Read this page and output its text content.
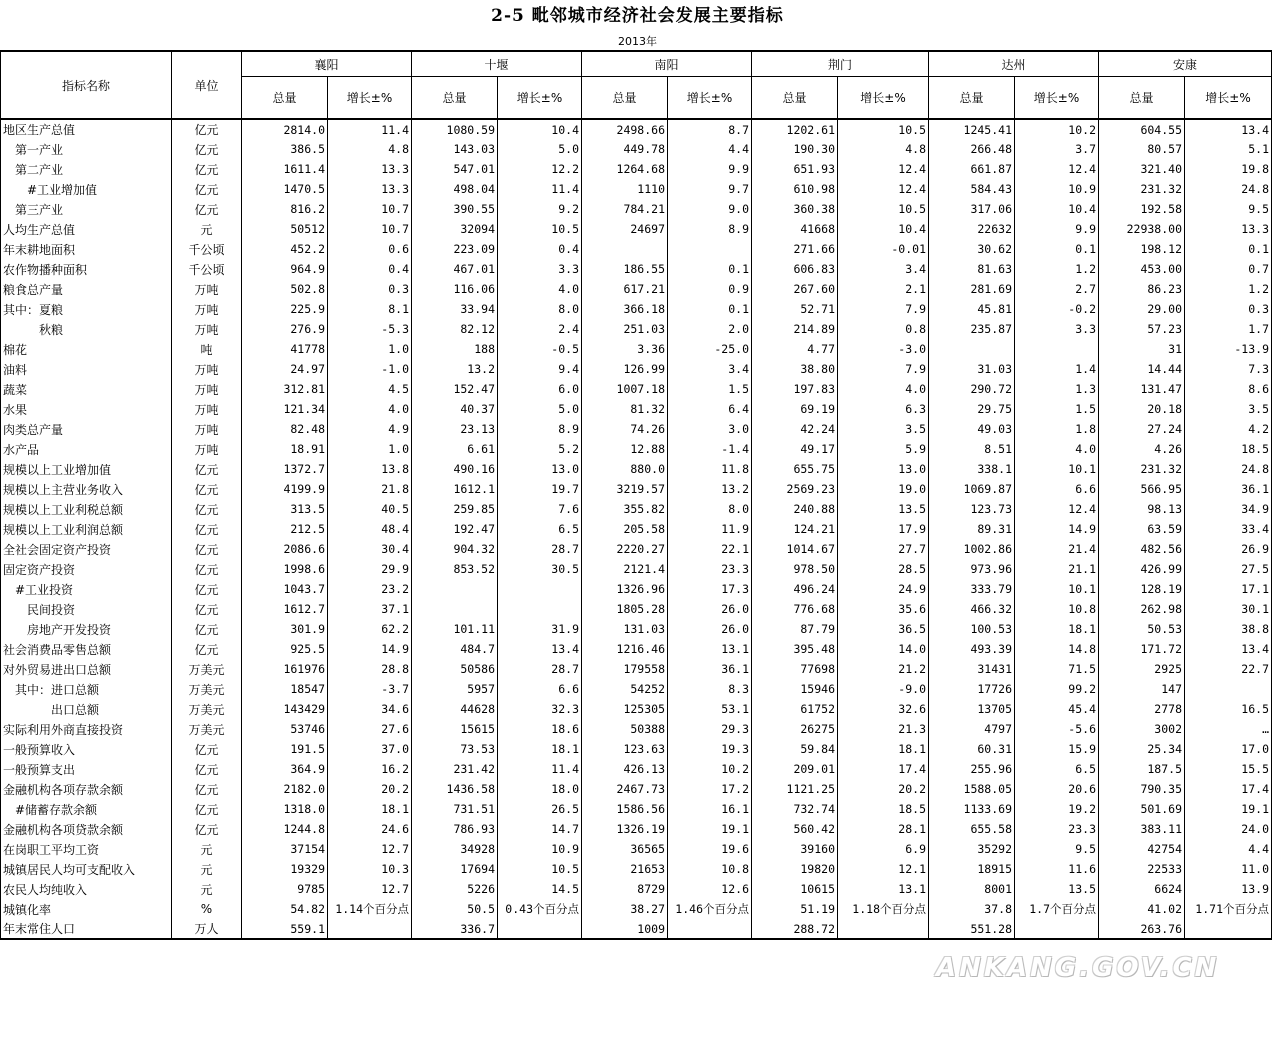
2-5 毗邻城市经济社会发展主要指标
2013年
指标名称	单位	襄阳		十堰		南阳		荆门		达州		安康	
		总量	增长±%	总量	增长±%	总量	增长±%	总量	增长±%	总量	增长±%	总量	增长±%
地区生产总值	亿元	2814.0	11.4	1080.59	10.4	2498.66	8.7	1202.61	10.5	1245.41	10.2	604.55	13.4
　第一产业	亿元	386.5	4.8	143.03	5.0	449.78	4.4	190.30	4.8	266.48	3.7	80.57	5.1
　第二产业	亿元	1611.4	13.3	547.01	12.2	1264.68	9.9	651.93	12.4	661.87	12.4	321.40	19.8
　　#工业增加值	亿元	1470.5	13.3	498.04	11.4	1110	9.7	610.98	12.4	584.43	10.9	231.32	24.8
　第三产业	亿元	816.2	10.7	390.55	9.2	784.21	9.0	360.38	10.5	317.06	10.4	192.58	9.5
人均生产总值	元	50512	10.7	32094	10.5	24697	8.9	41668	10.4	22632	9.9	22938.00	13.3
年末耕地面积	千公顷	452.2	0.6	223.09	0.4			271.66	-0.01	30.62	0.1	198.12	0.1
农作物播种面积	千公顷	964.9	0.4	467.01	3.3	186.55	0.1	606.83	3.4	81.63	1.2	453.00	0.7
粮食总产量	万吨	502.8	0.3	116.06	4.0	617.21	0.9	267.60	2.1	281.69	2.7	86.23	1.2
其中：夏粮	万吨	225.9	8.1	33.94	8.0	366.18	0.1	52.71	7.9	45.81	-0.2	29.00	0.3
　　　秋粮	万吨	276.9	-5.3	82.12	2.4	251.03	2.0	214.89	0.8	235.87	3.3	57.23	1.7
棉花	吨	41778	1.0	188	-0.5	3.36	-25.0	4.77	-3.0			31	-13.9
油料	万吨	24.97	-1.0	13.2	9.4	126.99	3.4	38.80	7.9	31.03	1.4	14.44	7.3
蔬菜	万吨	312.81	4.5	152.47	6.0	1007.18	1.5	197.83	4.0	290.72	1.3	131.47	8.6
水果	万吨	121.34	4.0	40.37	5.0	81.32	6.4	69.19	6.3	29.75	1.5	20.18	3.5
肉类总产量	万吨	82.48	4.9	23.13	8.9	74.26	3.0	42.24	3.5	49.03	1.8	27.24	4.2
水产品	万吨	18.91	1.0	6.61	5.2	12.88	-1.4	49.17	5.9	8.51	4.0	4.26	18.5
规模以上工业增加值	亿元	1372.7	13.8	490.16	13.0	880.0	11.8	655.75	13.0	338.1	10.1	231.32	24.8
规模以上主营业务收入	亿元	4199.9	21.8	1612.1	19.7	3219.57	13.2	2569.23	19.0	1069.87	6.6	566.95	36.1
规模以上工业利税总额	亿元	313.5	40.5	259.85	7.6	355.82	8.0	240.88	13.5	123.73	12.4	98.13	34.9
规模以上工业利润总额	亿元	212.5	48.4	192.47	6.5	205.58	11.9	124.21	17.9	89.31	14.9	63.59	33.4
全社会固定资产投资	亿元	2086.6	30.4	904.32	28.7	2220.27	22.1	1014.67	27.7	1002.86	21.4	482.56	26.9
固定资产投资	亿元	1998.6	29.9	853.52	30.5	2121.4	23.3	978.50	28.5	973.96	21.1	426.99	27.5
　#工业投资	亿元	1043.7	23.2			1326.96	17.3	496.24	24.9	333.79	10.1	128.19	17.1
　　民间投资	亿元	1612.7	37.1			1805.28	26.0	776.68	35.6	466.32	10.8	262.98	30.1
　　房地产开发投资	亿元	301.9	62.2	101.11	31.9	131.03	26.0	87.79	36.5	100.53	18.1	50.53	38.8
社会消费品零售总额	亿元	925.5	14.9	484.7	13.4	1216.46	13.1	395.48	14.0	493.39	14.8	171.72	13.4
对外贸易进出口总额	万美元	161976	28.8	50586	28.7	179558	36.1	77698	21.2	31431	71.5	2925	22.7
　其中：进口总额	万美元	18547	-3.7	5957	6.6	54252	8.3	15946	-9.0	17726	99.2	147	
　　　　出口总额	万美元	143429	34.6	44628	32.3	125305	53.1	61752	32.6	13705	45.4	2778	16.5
实际利用外商直接投资	万美元	53746	27.6	15615	18.6	50388	29.3	26275	21.3	4797	-5.6	3002	…
一般预算收入	亿元	191.5	37.0	73.53	18.1	123.63	19.3	59.84	18.1	60.31	15.9	25.34	17.0
一般预算支出	亿元	364.9	16.2	231.42	11.4	426.13	10.2	209.01	17.4	255.96	6.5	187.5	15.5
金融机构各项存款余额	亿元	2182.0	20.2	1436.58	18.0	2467.73	17.2	1121.25	20.2	1588.05	20.6	790.35	17.4
　#储蓄存款余额	亿元	1318.0	18.1	731.51	26.5	1586.56	16.1	732.74	18.5	1133.69	19.2	501.69	19.1
金融机构各项贷款余额	亿元	1244.8	24.6	786.93	14.7	1326.19	19.1	560.42	28.1	655.58	23.3	383.11	24.0
在岗职工平均工资	元	37154	12.7	34928	10.9	36565	19.6	39160	6.9	35292	9.5	42754	4.4
城镇居民人均可支配收入	元	19329	10.3	17694	10.5	21653	10.8	19820	12.1	18915	11.6	22533	11.0
农民人均纯收入	元	9785	12.7	5226	14.5	8729	12.6	10615	13.1	8001	13.5	6624	13.9
城镇化率	%	54.82	1.14个百分点	50.5	0.43个百分点	38.27	1.46个百分点	51.19	1.18个百分点	37.8	1.7个百分点	41.02	1.71个百分点
年末常住人口	万人	559.1		336.7		1009		288.72		551.28		263.76	
ANKANG.GOV.CN
